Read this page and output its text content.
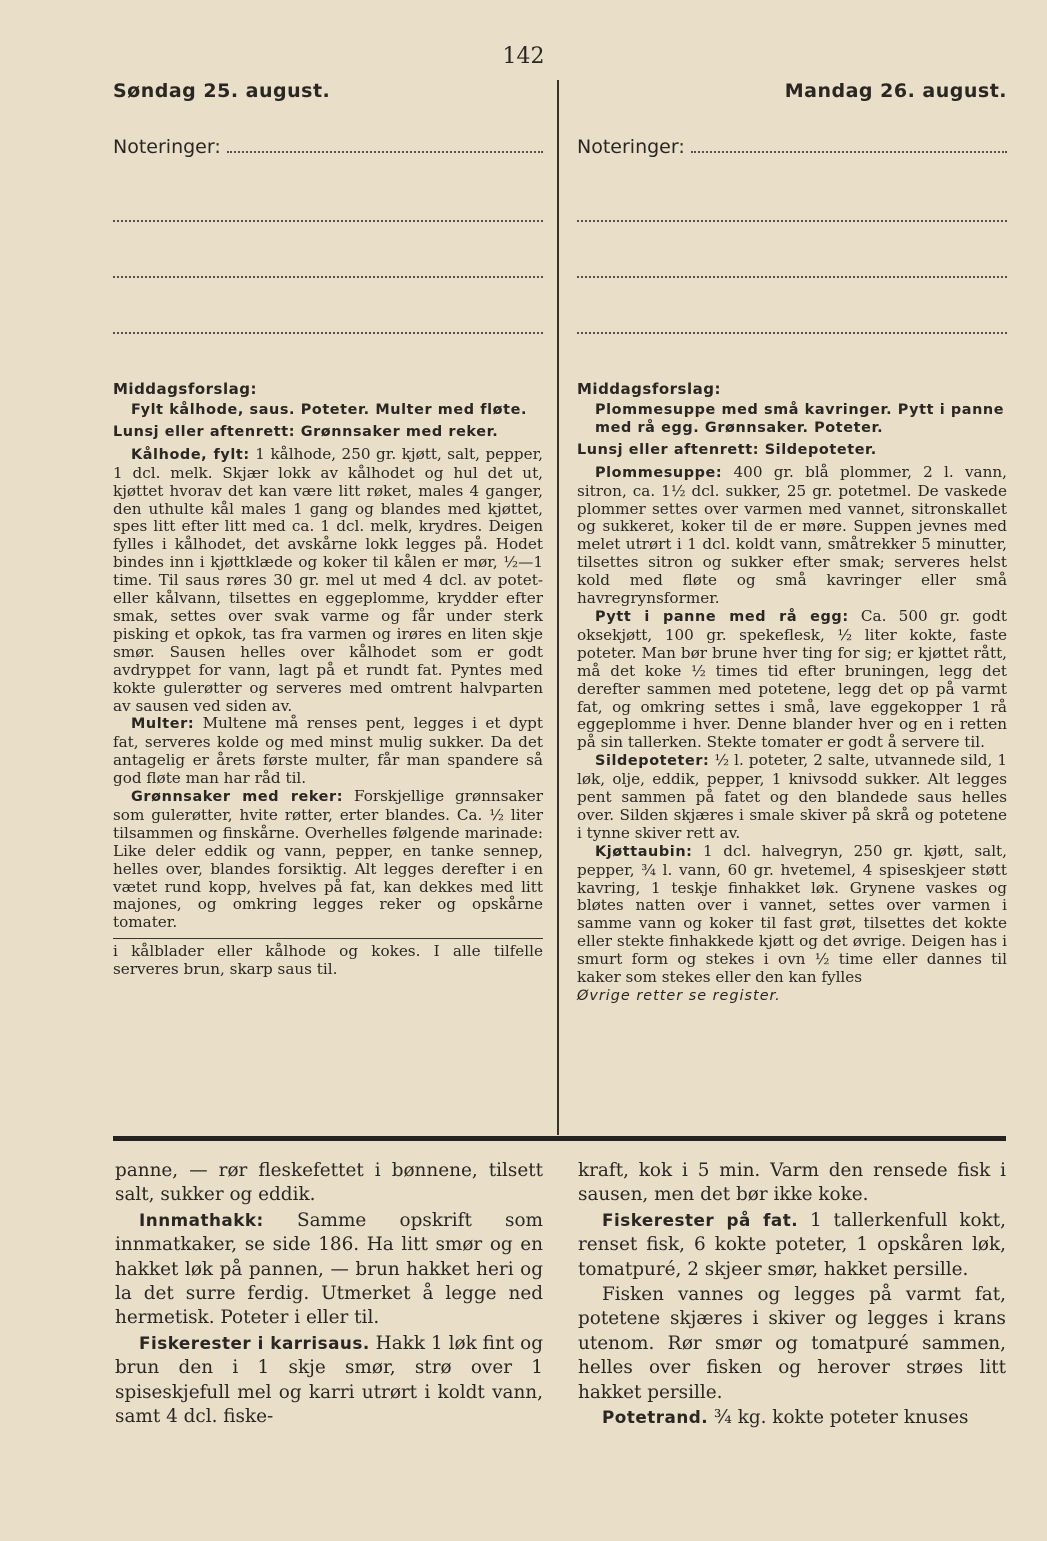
142
Søndag 25. august.
Noteringer:
Middagsforslag:
Fylt kålhode, saus. Poteter. Multer med fløte.
Lunsj eller aftenrett: Grønnsaker med reker.

Kålhode, fylt: 1 kålhode, 250 gr. kjøtt, salt, pepper, 1 dcl. melk. Skjær lokk av kålhodet og hul det ut, kjøttet hvorav det kan være litt røket, males 4 ganger, den uthulte kål males 1 gang og blandes med kjøttet, spes litt efter litt med ca. 1 dcl. melk, krydres. Deigen fylles i kålhodet, det avskårne lokk legges på. Hodet bindes inn i kjøttklæde og koker til kålen er mør, ½—1 time. Til saus røres 30 gr. mel ut med 4 dcl. av potet- eller kålvann, tilsettes en eggeplomme, krydder efter smak, settes over svak varme og får under sterk pisking et opkok, tas fra varmen og irøres en liten skje smør. Sausen helles over kålhodet som er godt avdryppet for vann, lagt på et rundt fat. Pyntes med kokte gulerøtter og serveres med omtrent halvparten av sausen ved siden av.

Multer: Multene må renses pent, legges i et dypt fat, serveres kolde og med minst mulig sukker. Da det antagelig er årets første multer, får man spandere så god fløte man har råd til.

Grønnsaker med reker: Forskjellige grønnsaker som gulerøtter, hvite røtter, erter blandes. Ca. ½ liter tilsammen og finskårne. Overhelles følgende marinade: Like deler eddik og vann, pepper, en tanke sennep, helles over, blandes forsiktig. Alt legges derefter i en vætet rund kopp, hvelves på fat, kan dekkes med litt majones, og omkring legges reker og opskårne tomater.

i kålblader eller kålhode og kokes. I alle tilfelle serveres brun, skarp saus til.

Mandag 26. august.
Noteringer:
Middagsforslag:
Plommesuppe med små kavringer. Pytt i panne med rå egg. Grønnsaker. Poteter.
Lunsj eller aftenrett: Sildepoteter.

Plommesuppe: 400 gr. blå plommer, 2 l. vann, sitron, ca. 1½ dcl. sukker, 25 gr. potetmel. De vaskede plommer settes over varmen med vannet, sitronskallet og sukkeret, koker til de er møre. Suppen jevnes med melet utrørt i 1 dcl. koldt vann, småtrekker 5 minutter, tilsettes sitron og sukker efter smak; serveres helst kold med fløte og små kavringer eller små havregrynsformer.

Pytt i panne med rå egg: Ca. 500 gr. godt oksekjøtt, 100 gr. spekeflesk, ½ liter kokte, faste poteter. Man bør brune hver ting for sig; er kjøttet rått, må det koke ½ times tid efter bruningen, legg det derefter sammen med potetene, legg det op på varmt fat, og omkring settes i små, lave eggekopper 1 rå eggeplomme i hver. Denne blander hver og en i retten på sin tallerken. Stekte tomater er godt å servere til.

Sildepoteter: ½ l. poteter, 2 salte, utvannede sild, 1 løk, olje, eddik, pepper, 1 knivsodd sukker. Alt legges pent sammen på fatet og den blandede saus helles over. Silden skjæres i smale skiver på skrå og potetene i tynne skiver rett av.

Kjøttaubin: 1 dcl. halvegryn, 250 gr. kjøtt, salt, pepper, ¾ l. vann, 60 gr. hvetemel, 4 spiseskjeer støtt kavring, 1 teskje finhakket løk. Grynene vaskes og bløtes natten over i vannet, settes over varmen i samme vann og koker til fast grøt, tilsettes det kokte eller stekte finhakkede kjøtt og det øvrige. Deigen has i smurt form og stekes i ovn ½ time eller dannes til kaker som stekes eller den kan fylles

Øvrige retter se register.

panne, — rør fleskefettet i bønnene, tilsett salt, sukker og eddik.

Innmathakk: Samme opskrift som innmatkaker, se side 186. Ha litt smør og en hakket løk på pannen, — brun hakket heri og la det surre ferdig. Utmerket å legge ned hermetisk. Poteter i eller til.

Fiskerester i karrisaus. Hakk 1 løk fint og brun den i 1 skje smør, strø over 1 spiseskjefull mel og karri utrørt i koldt vann, samt 4 dcl. fiske-

kraft, kok i 5 min. Varm den rensede fisk i sausen, men det bør ikke koke.

Fiskerester på fat. 1 tallerkenfull kokt, renset fisk, 6 kokte poteter, 1 opskåren løk, tomatpuré, 2 skjeer smør, hakket persille.

Fisken vannes og legges på varmt fat, potetene skjæres i skiver og legges i krans utenom. Rør smør og tomatpuré sammen, helles over fisken og herover strøes litt hakket persille.

Potetrand. ¾ kg. kokte poteter knuses
